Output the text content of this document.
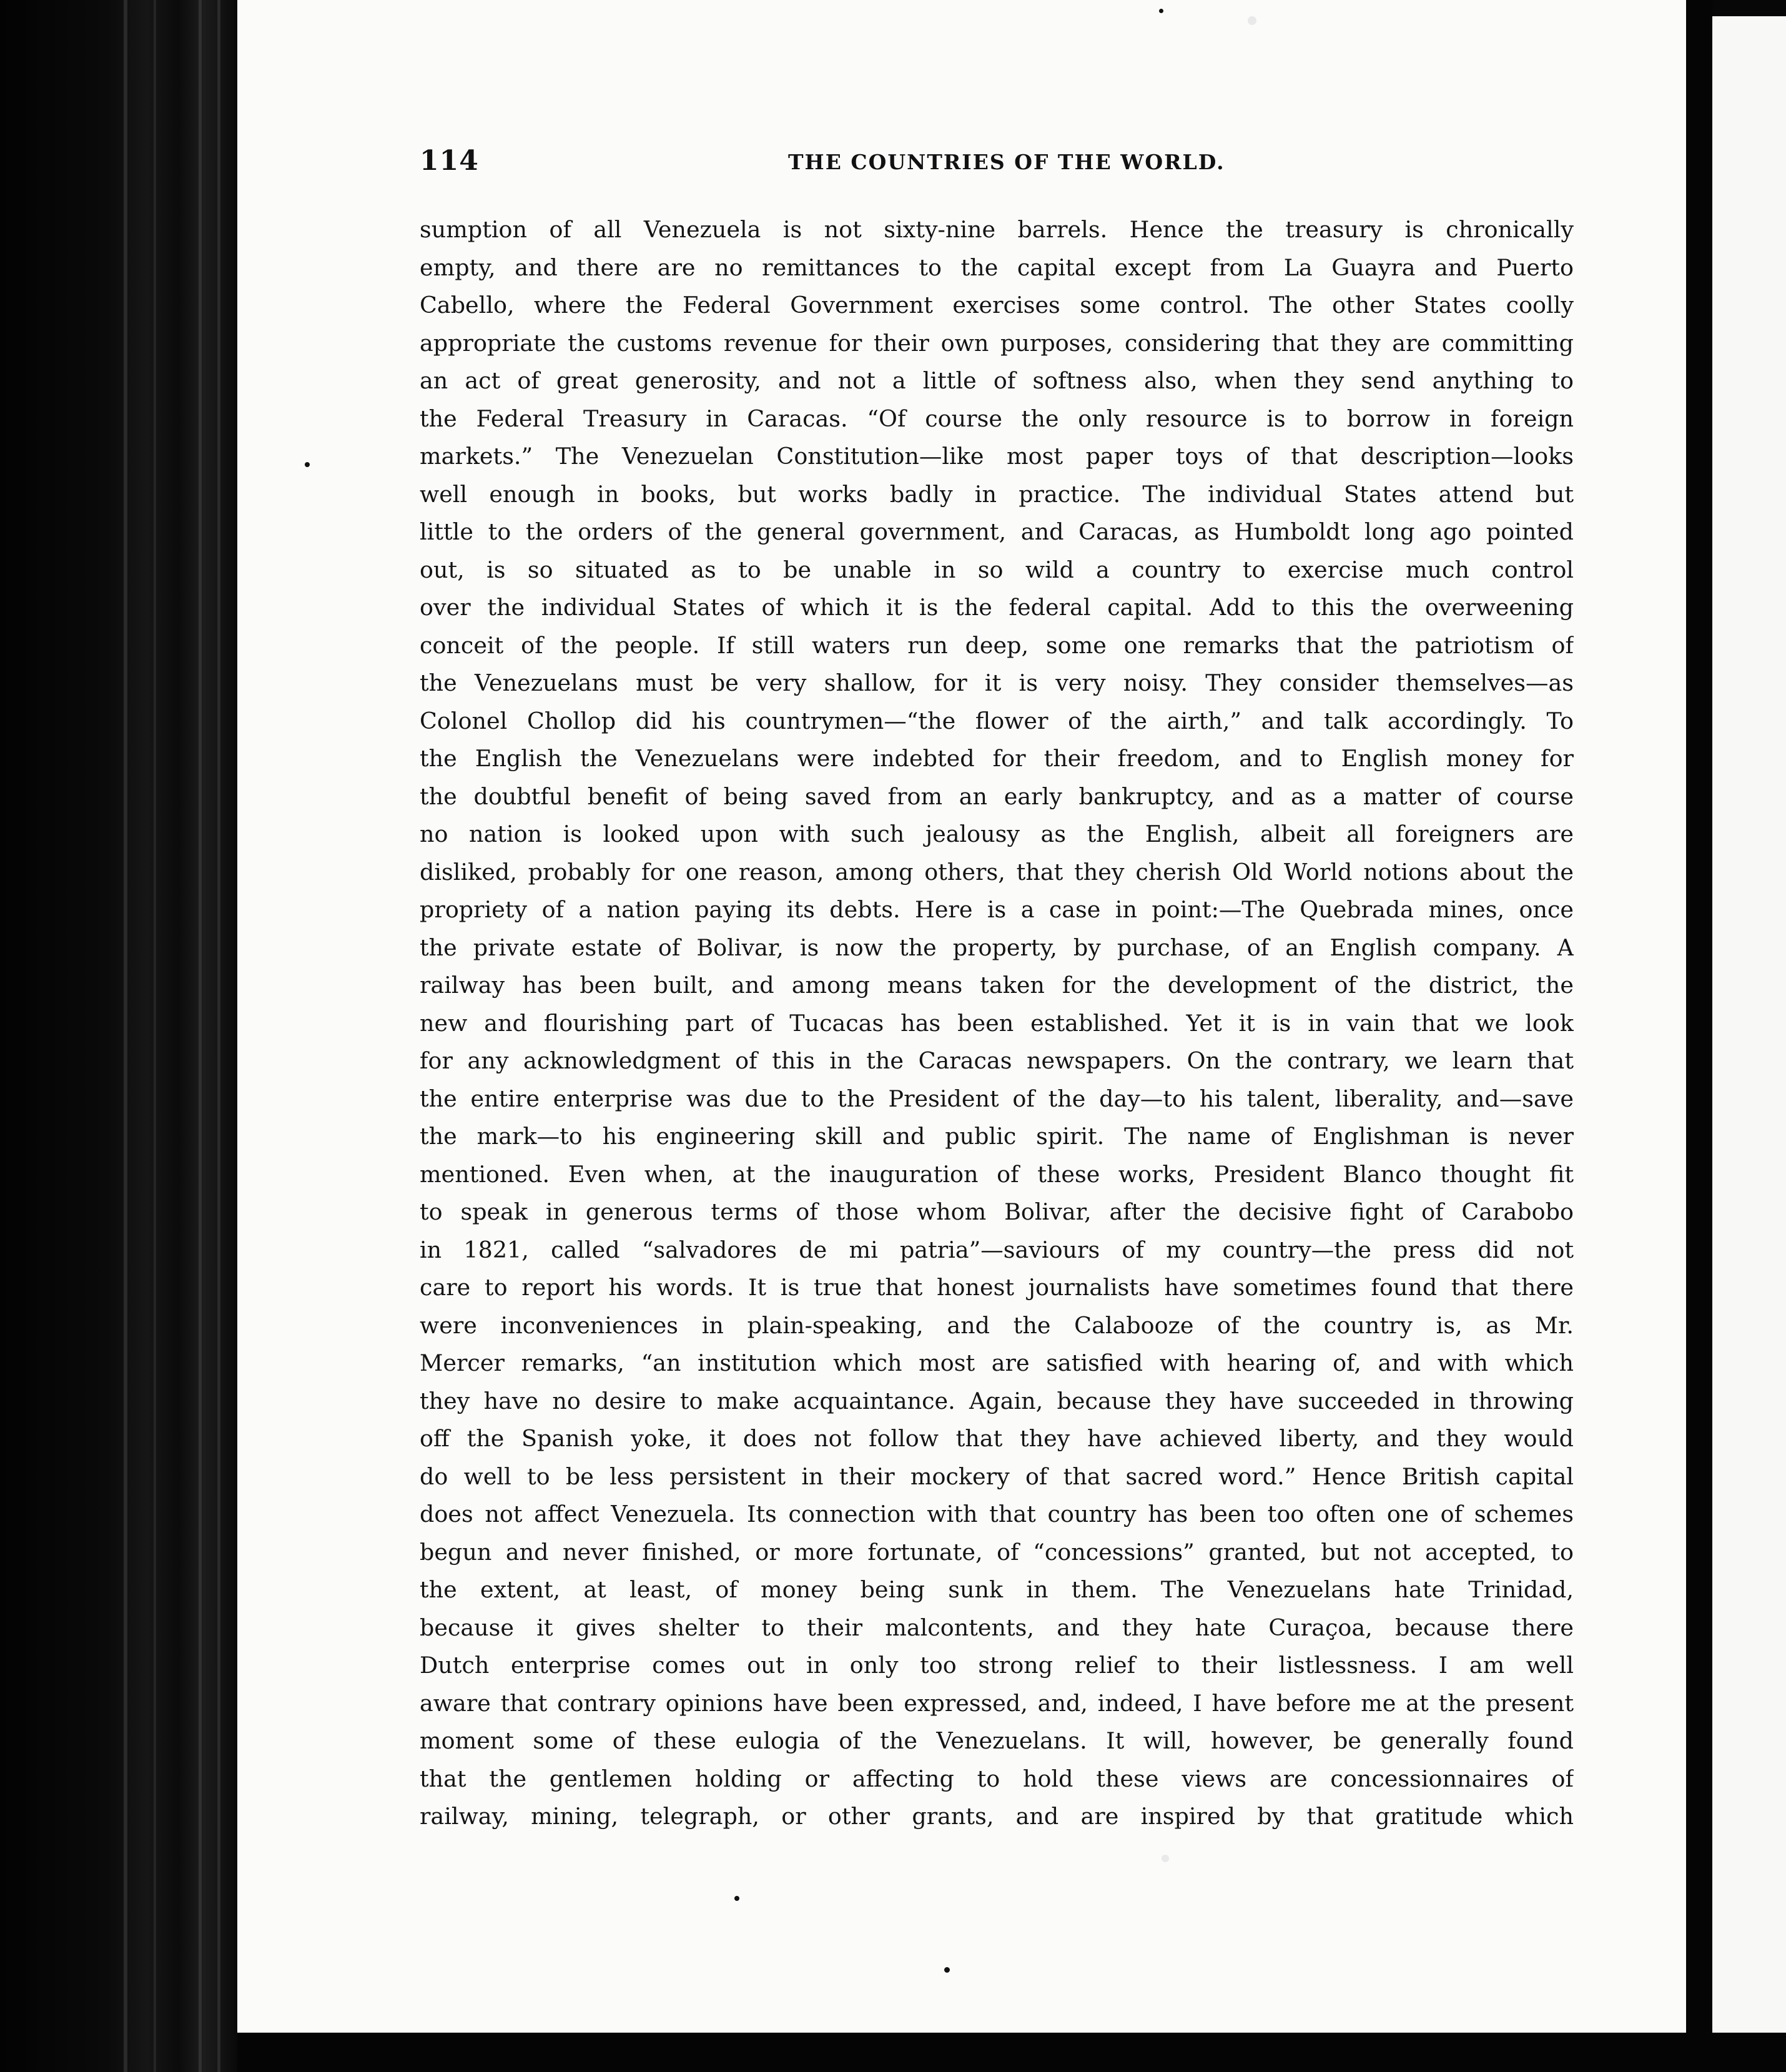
114	THE COUNTRIES OF THE WORLD.
sumption of all Venezuela is not sixty-nine barrels. Hence the treasury is chronically
empty, and there are no remittances to the capital except from La Guayra and Puerto
Cabello, where the Federal Government exercises some control. The other States coolly
appropriate the customs revenue for their own purposes, considering that they are committing
an act of great generosity, and not a little of softness also, when they send anything to
the Federal Treasury in Caracas. “Of course the only resource is to borrow in foreign
markets.” The Venezuelan Constitution—like most paper toys of that description—looks
well enough in books, but works badly in practice. The individual States attend but
little to the orders of the general government, and Caracas, as Humboldt long ago pointed
out, is so situated as to be unable in so wild a country to exercise much control
over the individual States of which it is the federal capital. Add to this the overweening
conceit of the people. If still waters run deep, some one remarks that the patriotism of
the Venezuelans must be very shallow, for it is very noisy. They consider themselves—as
Colonel Chollop did his countrymen—“the flower of the airth,” and talk accordingly. To
the English the Venezuelans were indebted for their freedom, and to English money for
the doubtful benefit of being saved from an early bankruptcy, and as a matter of course
no nation is looked upon with such jealousy as the English, albeit all foreigners are
disliked, probably for one reason, among others, that they cherish Old World notions about the
propriety of a nation paying its debts. Here is a case in point:—The Quebrada mines, once
the private estate of Bolivar, is now the property, by purchase, of an English company. A
railway has been built, and among means taken for the development of the district, the
new and flourishing part of Tucacas has been established. Yet it is in vain that we look
for any acknowledgment of this in the Caracas newspapers. On the contrary, we learn that
the entire enterprise was due to the President of the day—to his talent, liberality, and—save
the mark—to his engineering skill and public spirit. The name of Englishman is never
mentioned. Even when, at the inauguration of these works, President Blanco thought fit
to speak in generous terms of those whom Bolivar, after the decisive fight of Carabobo
in 1821, called “salvadores de mi patria”—saviours of my country—the press did not
care to report his words. It is true that honest journalists have sometimes found that there
were inconveniences in plain-speaking, and the Calabooze of the country is, as Mr.
Mercer remarks, “an institution which most are satisfied with hearing of, and with which
they have no desire to make acquaintance. Again, because they have succeeded in throwing
off the Spanish yoke, it does not follow that they have achieved liberty, and they would
do well to be less persistent in their mockery of that sacred word.” Hence British capital
does not affect Venezuela. Its connection with that country has been too often one of schemes
begun and never finished, or more fortunate, of “concessions” granted, but not accepted, to
the extent, at least, of money being sunk in them. The Venezuelans hate Trinidad,
because it gives shelter to their malcontents, and they hate Curaçoa, because there
Dutch enterprise comes out in only too strong relief to their listlessness. I am well
aware that contrary opinions have been expressed, and, indeed, I have before me at the present
moment some of these eulogia of the Venezuelans. It will, however, be generally found
that the gentlemen holding or affecting to hold these views are concessionnaires of
railway, mining, telegraph, or other grants, and are inspired by that gratitude which
